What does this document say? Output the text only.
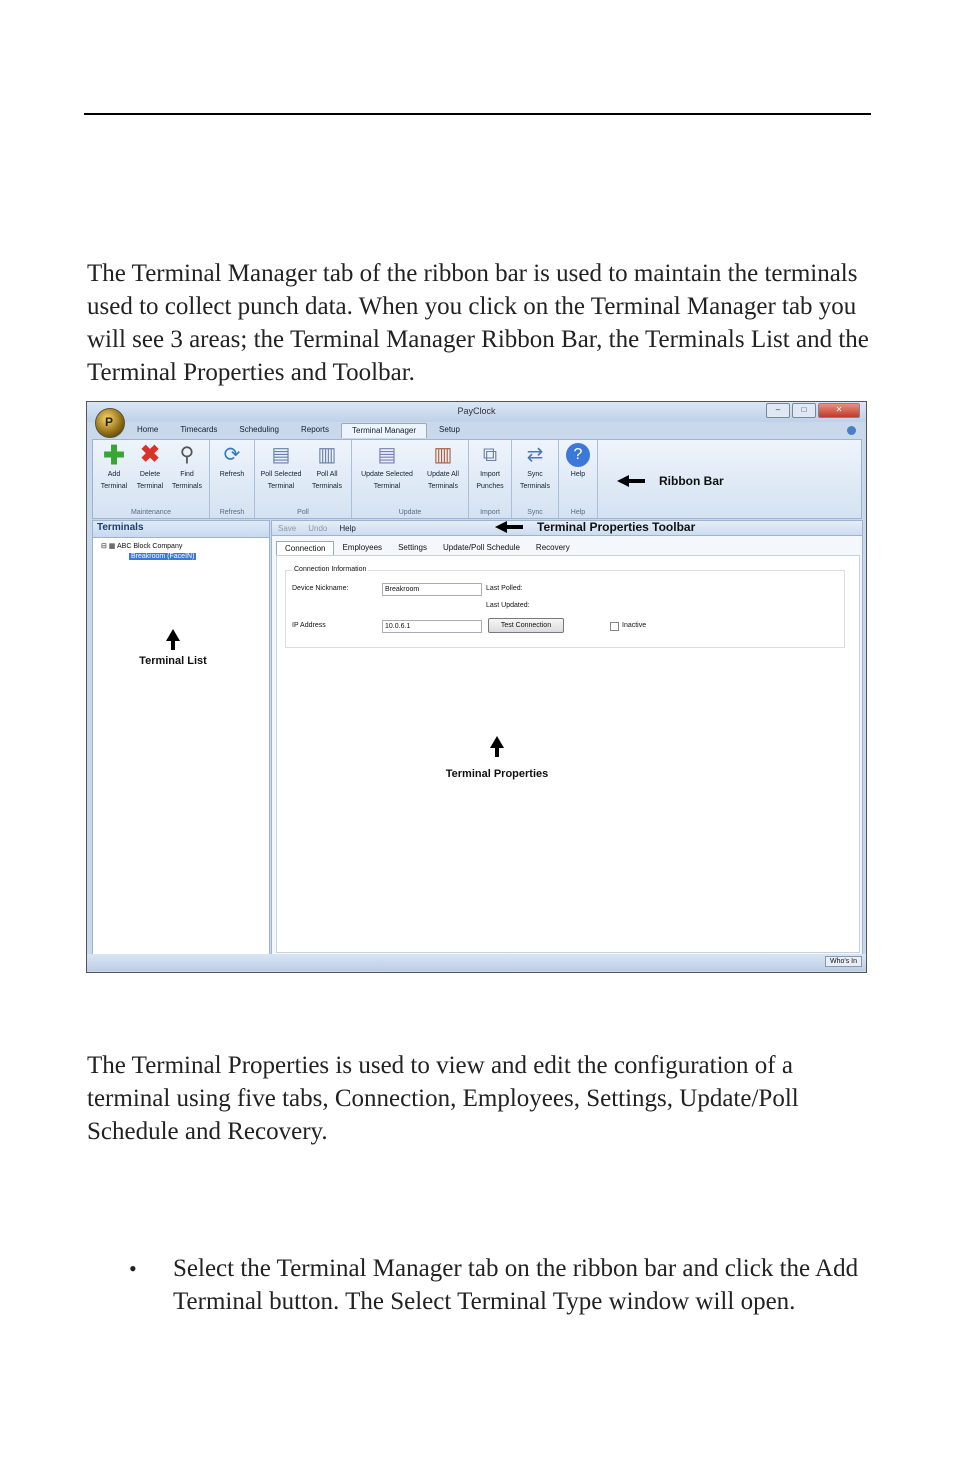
The Terminal Manager tab of the ribbon bar is used to maintain the terminals used to collect punch data. When you click on the Terminal Manager tab you will see 3 areas; the Terminal Manager Ribbon Bar, the Terminals List and the Terminal Properties and Toolbar.

PayClock	–	□	✕
P
Home	Timecards	Scheduling	Reports	Terminal Manager	Setup
✚
Add Terminal
✖
Delete Terminal
⚲
Find Terminals
Maintenance
⟳
Refresh
Refresh
▤
Poll Selected Terminal
▥
Poll All Terminals
Poll
▤
Update Selected Terminal
▥
Update All Terminals
Update
⧉
Import Punches
Import
⇄
Sync Terminals
Sync
?
Help
Help
Ribbon Bar
Terminals
⊟ ▦ ABC Block Company
Breakroom (FaceIN)
Terminal List
Save Undo Help
Connection	Employees	Settings	Update/Poll Schedule	Recovery
Connection Information
Device Nickname:	Breakroom	Last Polled:
Last Updated:
IP Address	10.0.6.1	Test Connection	Inactive
Terminal Properties
Terminal Properties Toolbar
Who's In

The Terminal Properties is used to view and edit the configuration of a terminal using five tabs, Connection, Employees, Settings, Update/Poll Schedule and Recovery.

• Select the Terminal Manager tab on the ribbon bar and click the Add Terminal button. The Select Terminal Type window will open.
